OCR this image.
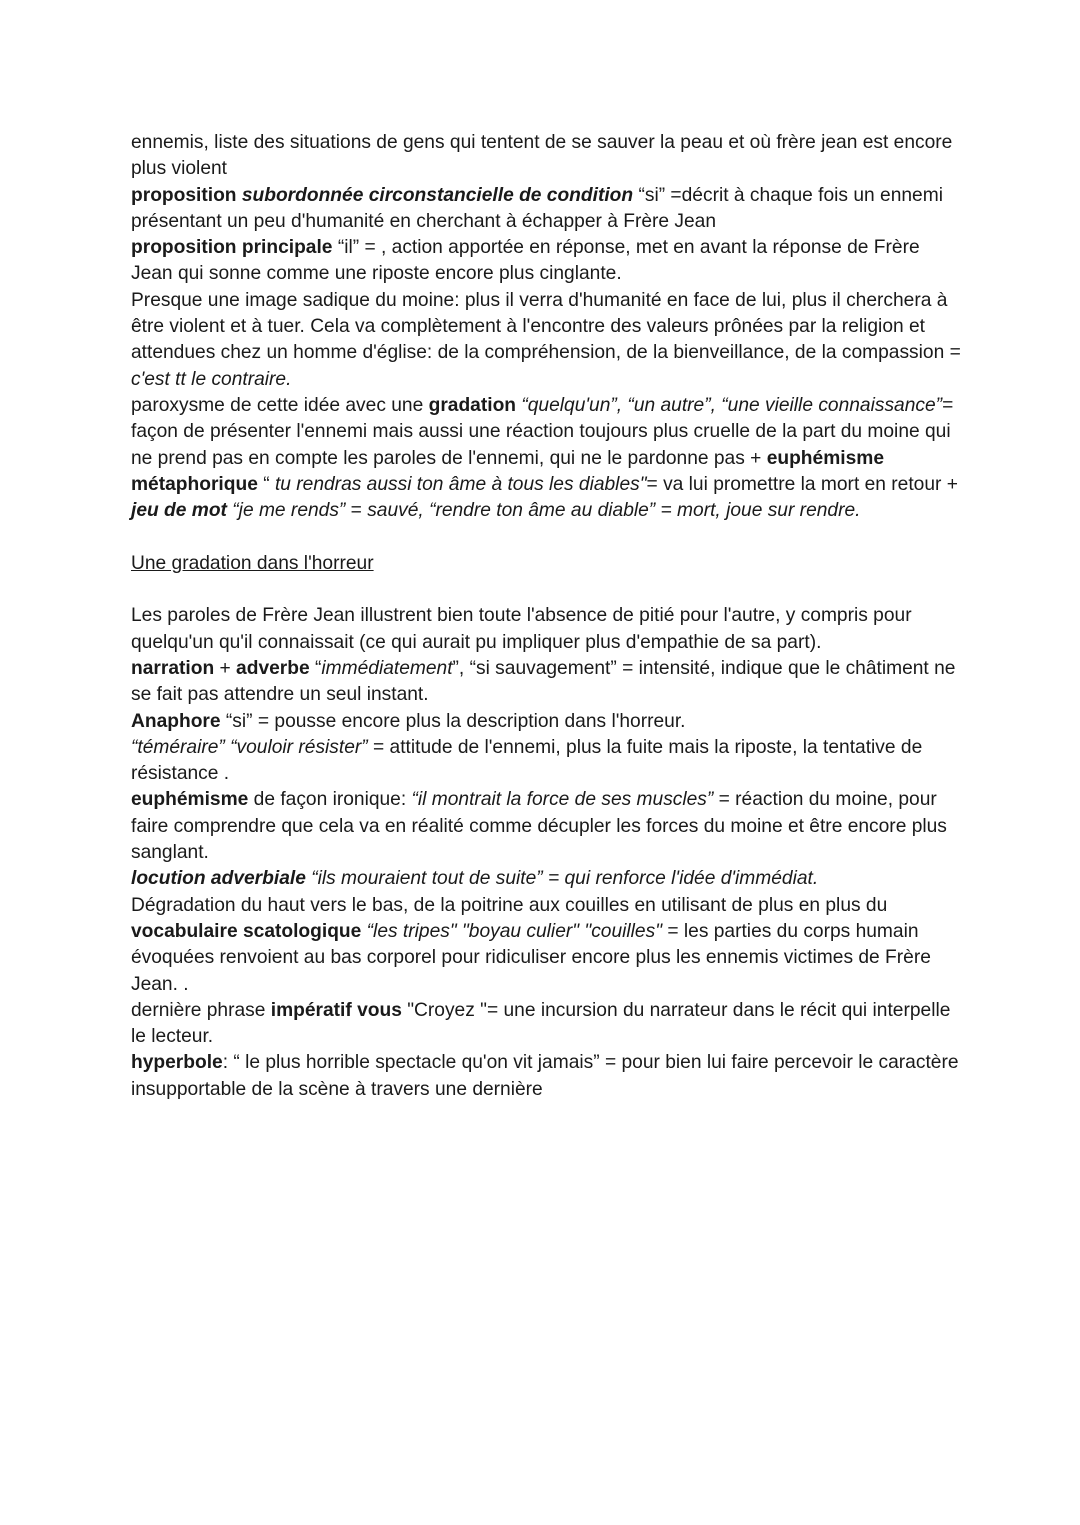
ennemis, liste des situations de gens qui tentent de se sauver la peau et où frère jean est encore plus violent

proposition subordonnée circonstancielle de condition “si” =décrit à chaque fois un ennemi présentant un peu d'humanité en cherchant à échapper à Frère Jean

proposition principale “il” = , action apportée en réponse, met en avant la réponse de Frère Jean qui sonne comme une riposte encore plus cinglante.

Presque une image sadique du moine: plus il verra d'humanité en face de lui, plus il cherchera à être violent et à tuer. Cela va complètement à l'encontre des valeurs prônées par la religion et attendues chez un homme d'église: de la compréhension, de la bienveillance, de la compassion = c'est tt le contraire.

paroxysme de cette idée avec une gradation “quelqu'un”, “un autre”, “une vieille connaissance”= façon de présenter l'ennemi mais aussi une réaction toujours plus cruelle de la part du moine qui ne prend pas en compte les paroles de l'ennemi, qui ne le pardonne pas + euphémisme métaphorique “ tu rendras aussi ton âme à tous les diables"= va lui promettre la mort en retour + jeu de mot “je me rends” = sauvé, “rendre ton âme au diable” = mort, joue sur rendre.

Une gradation dans l'horreur

Les paroles de Frère Jean illustrent bien toute l'absence de pitié pour l'autre, y compris pour quelqu'un qu'il connaissait (ce qui aurait pu impliquer plus d'empathie de sa part).

narration + adverbe “immédiatement”, “si sauvagement” = intensité, indique que le châtiment ne se fait pas attendre un seul instant.

Anaphore “si” = pousse encore plus la description dans l'horreur.

“téméraire” “vouloir résister” = attitude de l'ennemi, plus la fuite mais la riposte, la tentative de résistance .

euphémisme de façon ironique: “il montrait la force de ses muscles” = réaction du moine, pour faire comprendre que cela va en réalité comme décupler les forces du moine et être encore plus sanglant.

locution adverbiale “ils mouraient tout de suite” = qui renforce l'idée d'immédiat.

Dégradation du haut vers le bas, de la poitrine aux couilles en utilisant de plus en plus du vocabulaire scatologique “les tripes" "boyau culier" "couilles" = les parties du corps humain évoquées renvoient au bas corporel pour ridiculiser encore plus les ennemis victimes de Frère Jean. .

dernière phrase impératif vous "Croyez "= une incursion du narrateur dans le récit qui interpelle le lecteur.

hyperbole: “ le plus horrible spectacle qu'on vit jamais” = pour bien lui faire percevoir le caractère insupportable de la scène à travers une dernière
